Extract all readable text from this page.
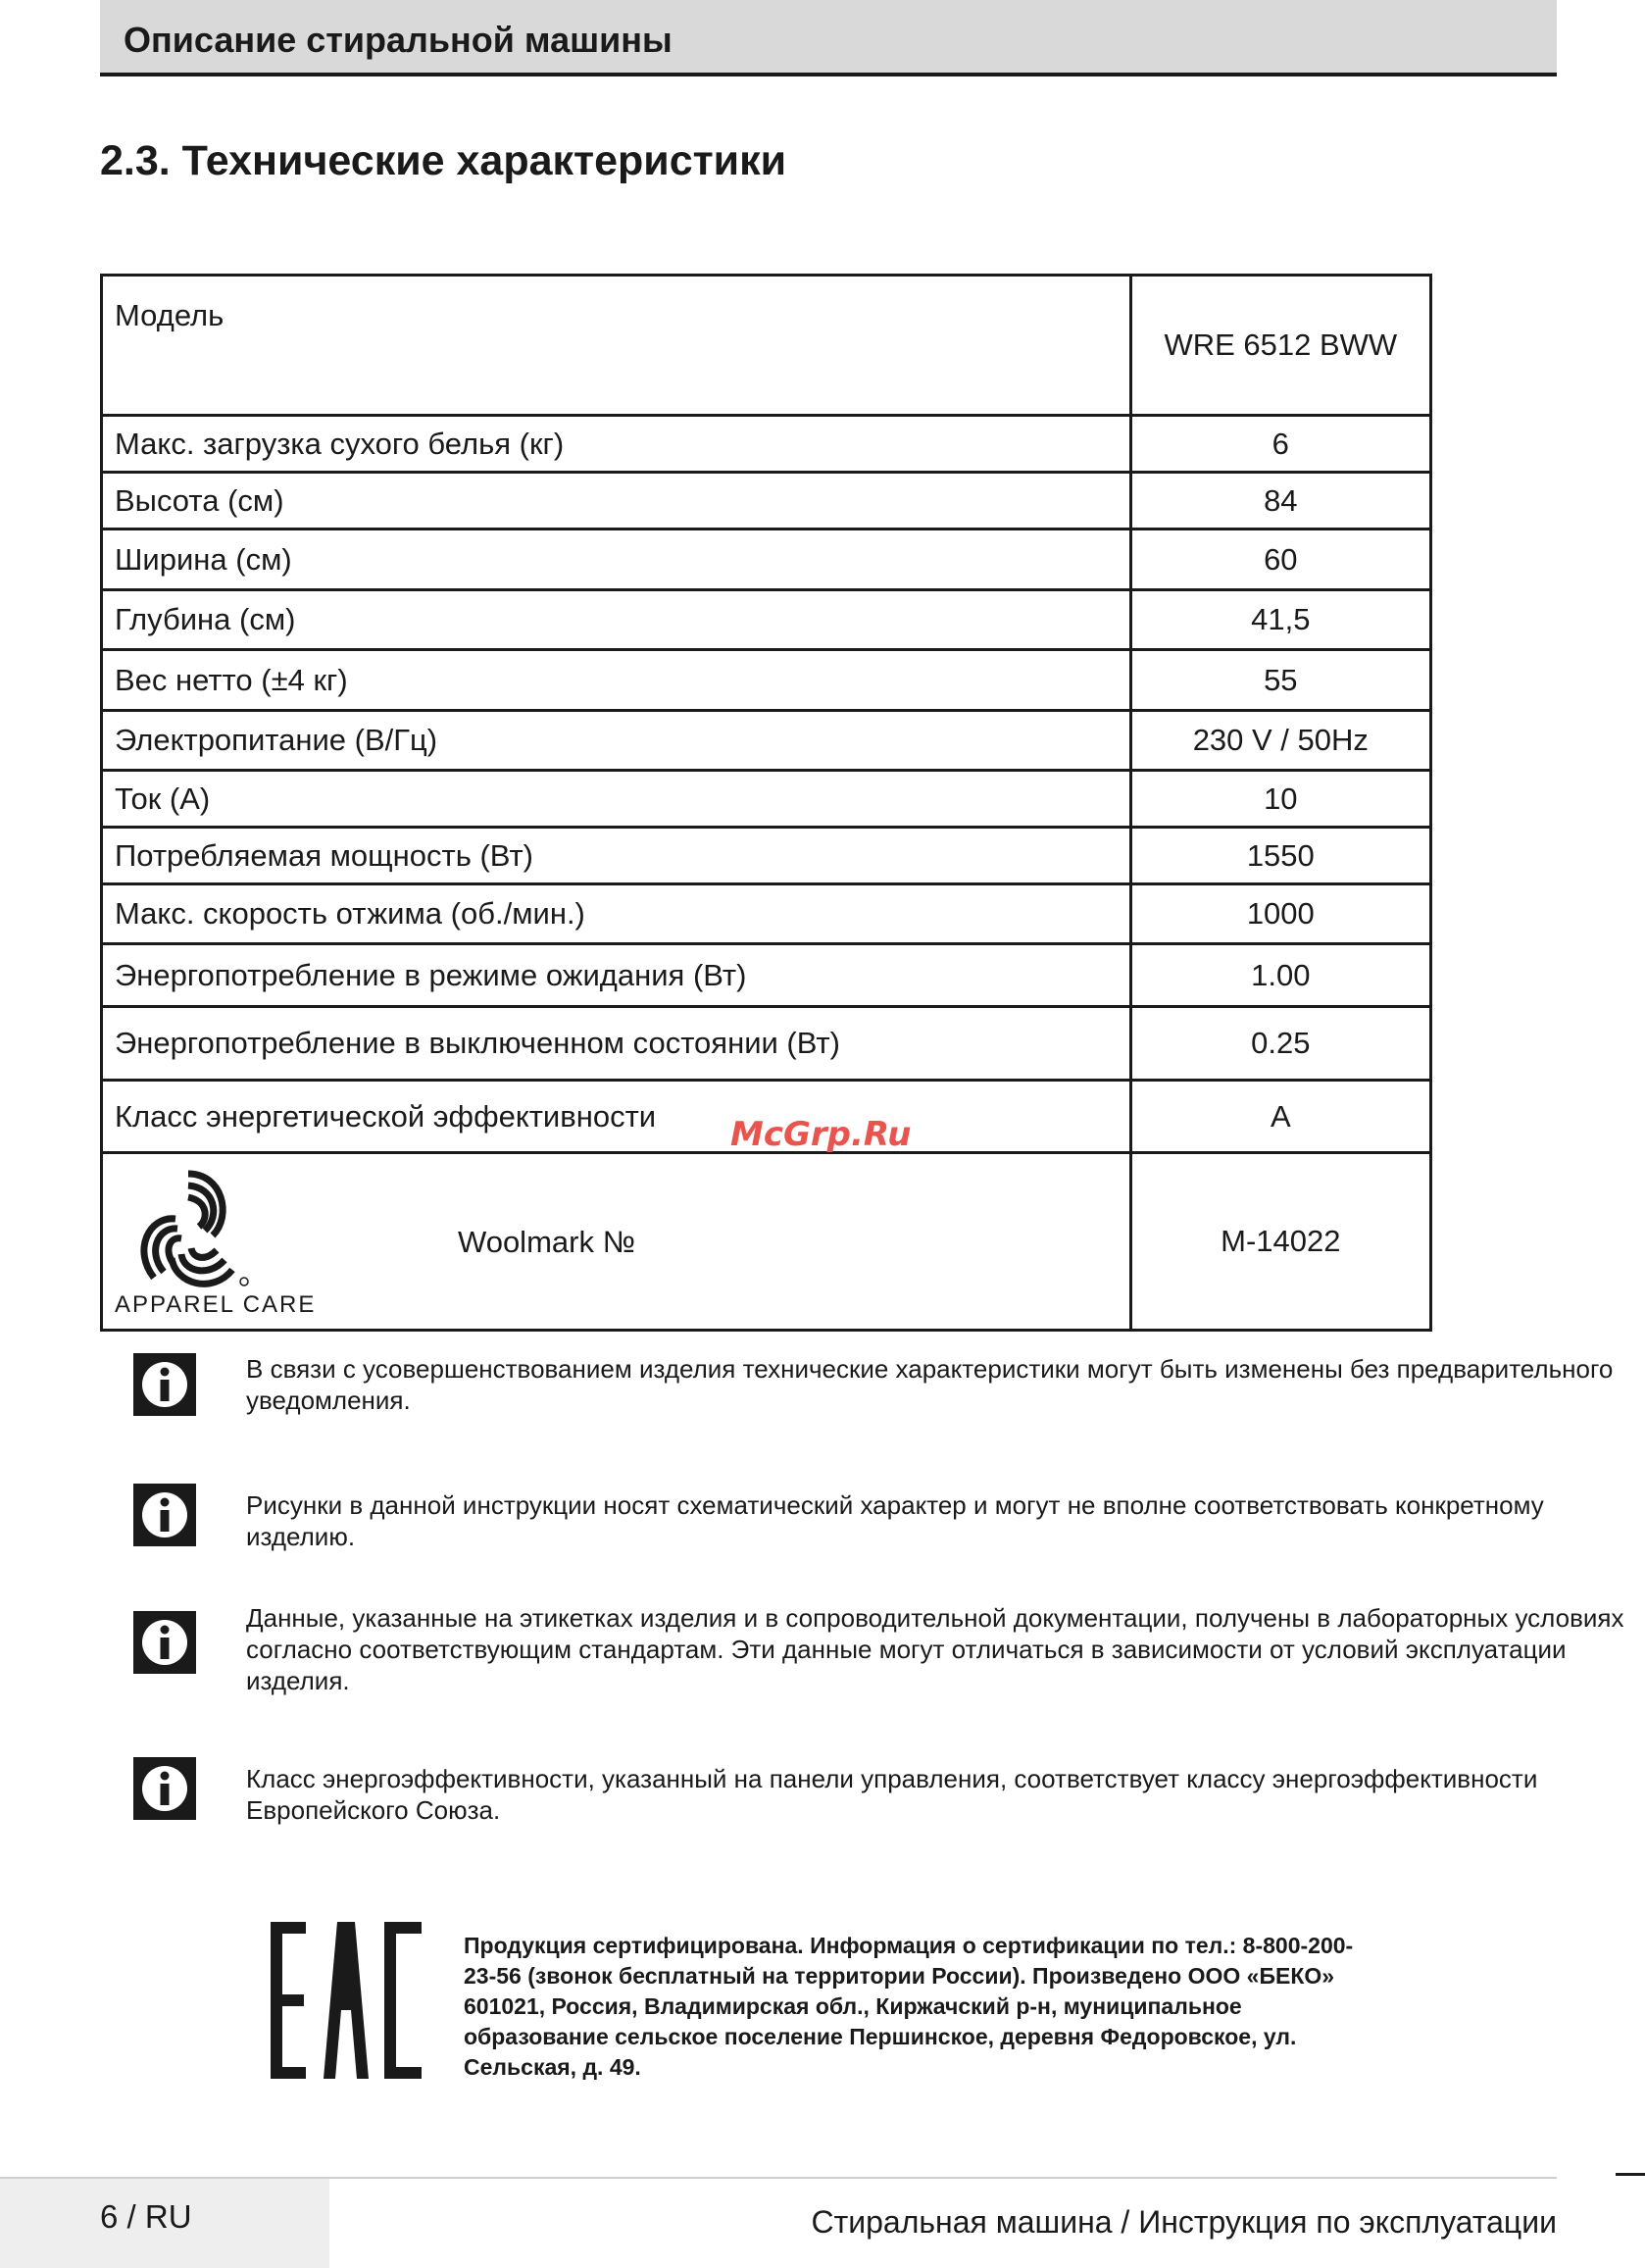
Описание стиральной машины
2.3. Технические характеристики
Модель	WRE 6512 BWW
Макс. загрузка сухого белья (кг)	6
Высота (см)	84
Ширина (см)	60
Глубина (см)	41,5
Вес нетто (±4 кг)	55
Электропитание (В/Гц)	230 V / 50Hz
Ток (А)	10
Потребляемая мощность (Вт)	1550
Макс. скорость отжима (об./мин.)	1000
Энергопотребление в режиме ожидания (Вт)	1.00
Энергопотребление в выключенном состоянии (Вт)	0.25
Класс энергетической эффективности	A

APPAREL CARE
Woolmark №	M-14022
McGrp.Ru
В связи с усовершенствованием изделия технические характеристики могут быть изменены без предварительного уведомления.
Рисунки в данной инструкции носят схематический характер и могут не вполне соответствовать конкретному изделию.
Данные, указанные на этикетках изделия и в сопроводительной документации, получены в лабораторных условиях согласно соответствующим стандартам. Эти данные могут отличаться в зависимости от условий эксплуатации изделия.
Класс энергоэффективности, указанный на панели управления, соответствует классу энергоэффективности Европейского Союза.
Продукция сертифицирована. Информация о сертификации по тел.: 8-800-200-23-56 (звонок бесплатный на территории России). Произведено ООО «БЕКО» 601021, Россия, Владимирская обл., Киржачский р-н, муниципальное образование сельское поселение Першинское, деревня Федоровское, ул. Сельская, д. 49.
6 / RU	Стиральная машина / Инструкция по эксплуатации
